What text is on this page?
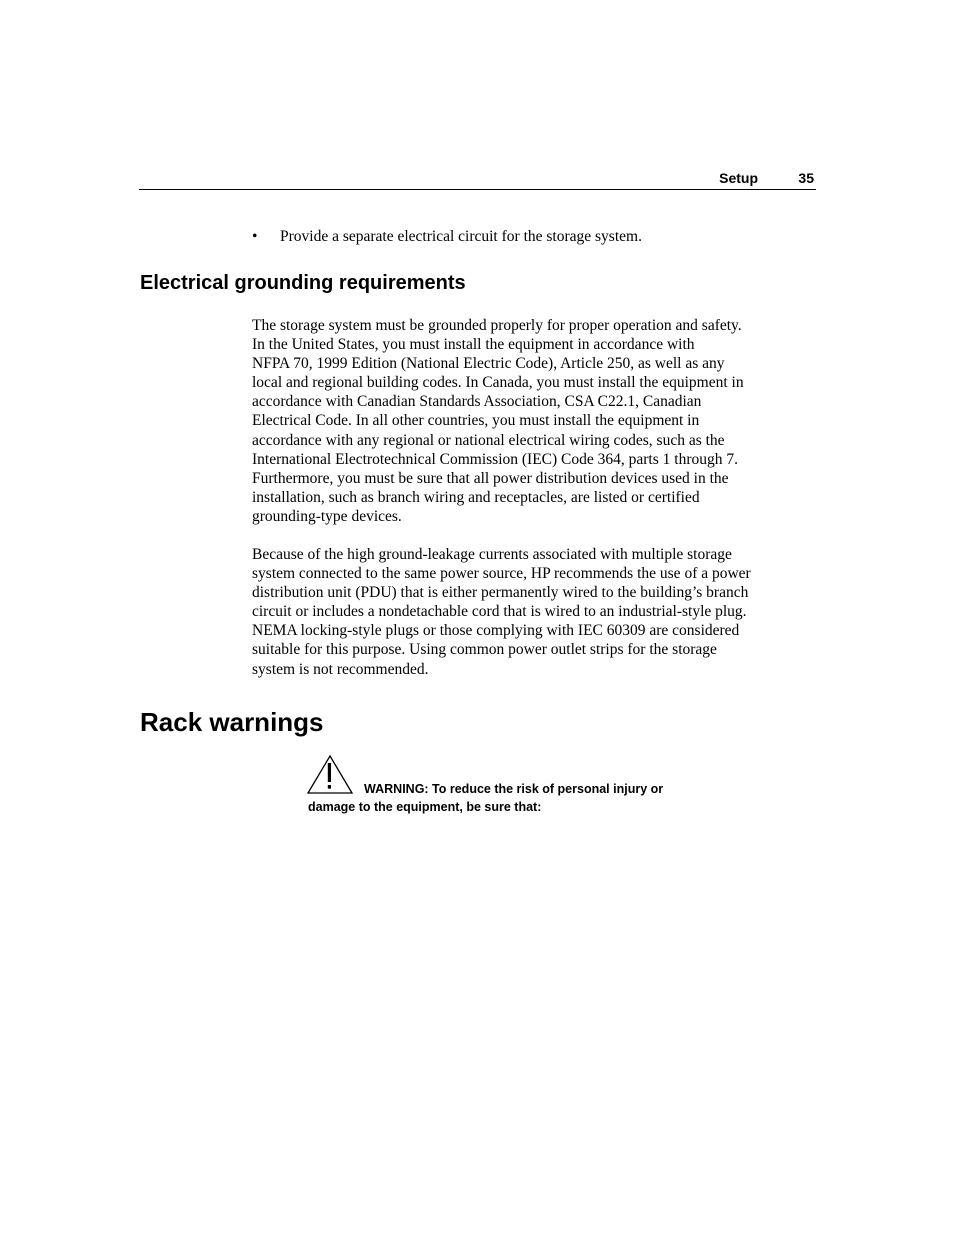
Setup	35
• Provide a separate electrical circuit for the storage system.
Electrical grounding requirements
The storage system must be grounded properly for proper operation and safety.
In the United States, you must install the equipment in accordance with
NFPA 70, 1999 Edition (National Electric Code), Article 250, as well as any
local and regional building codes. In Canada, you must install the equipment in
accordance with Canadian Standards Association, CSA C22.1, Canadian
Electrical Code. In all other countries, you must install the equipment in
accordance with any regional or national electrical wiring codes, such as the
International Electrotechnical Commission (IEC) Code 364, parts 1 through 7.
Furthermore, you must be sure that all power distribution devices used in the
installation, such as branch wiring and receptacles, are listed or certified
grounding-type devices.
Because of the high ground-leakage currents associated with multiple storage
system connected to the same power source, HP recommends the use of a power
distribution unit (PDU) that is either permanently wired to the building’s branch
circuit or includes a nondetachable cord that is wired to an industrial-style plug.
NEMA locking-style plugs or those complying with IEC 60309 are considered
suitable for this purpose. Using common power outlet strips for the storage
system is not recommended.
Rack warnings
WARNING: To reduce the risk of personal injury or
damage to the equipment, be sure that:
